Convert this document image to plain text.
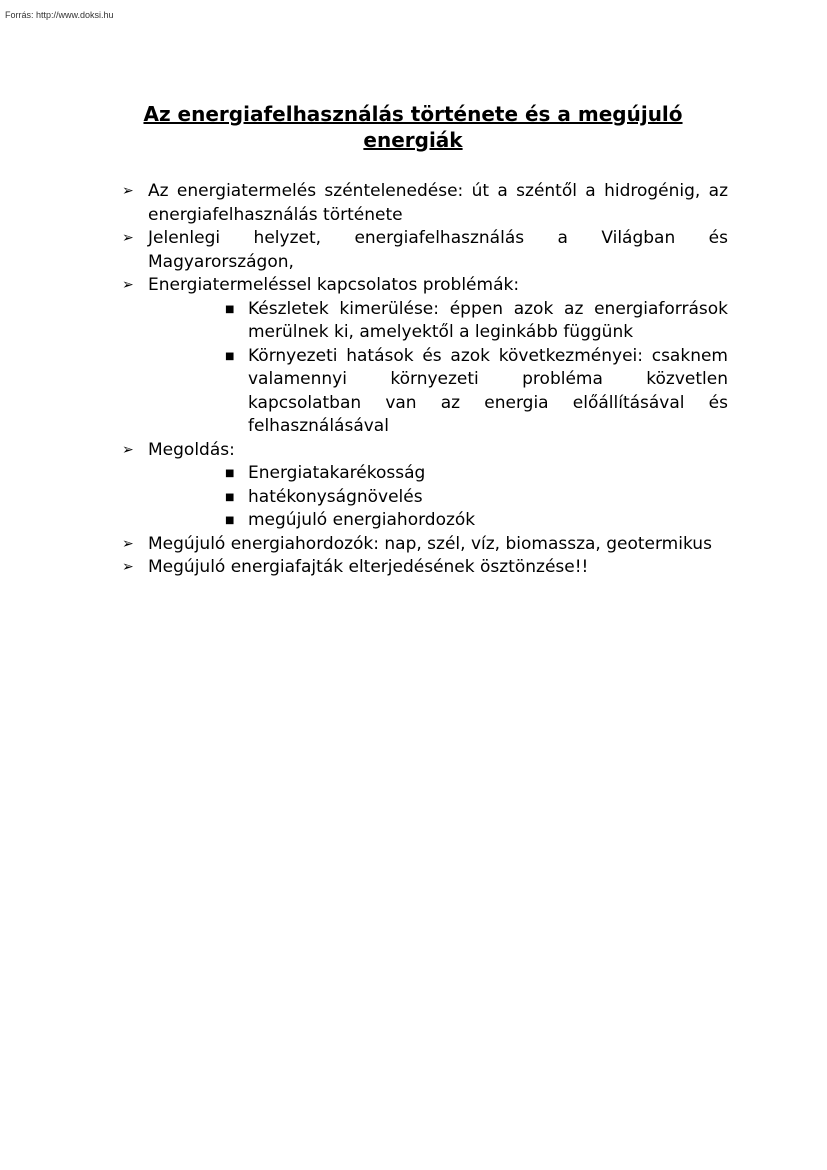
Forrás: http://www.doksi.hu
Az energiafelhasználás története és a megújuló energiák
➢ Az energiatermelés széntelenedése: út a széntől a hidrogénig, az energiafelhasználás története
➢ Jelenlegi helyzet, energiafelhasználás a Világban és Magyarországon,
➢ Energiatermeléssel kapcsolatos problémák:
■ Készletek kimerülése: éppen azok az energiaforrások merülnek ki, amelyektől a leginkább függünk
■ Környezeti hatások és azok következményei: csaknem valamennyi környezeti probléma közvetlen kapcsolatban van az energia előállításával és felhasználásával
➢ Megoldás:
■ Energiatakarékosság
■ hatékonyságnövelés
■ megújuló energiahordozók
➢ Megújuló energiahordozók: nap, szél, víz, biomassza, geotermikus
➢ Megújuló energiafajták elterjedésének ösztönzése!!
